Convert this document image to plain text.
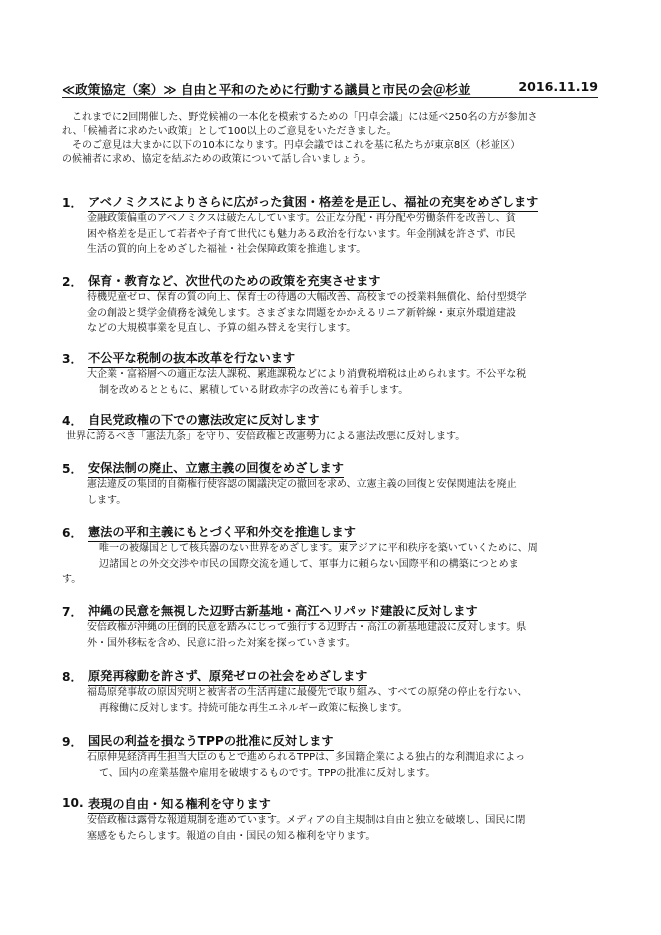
≪政策協定（案）≫ 自由と平和のために行動する議員と市民の会＠杉並	2016.11.19

これまでに2回開催した、野党候補の一本化を模索するための「円卓会議」には延べ250名の方が参加さ

れ、「候補者に求めたい政策」として100以上のご意見をいただきました。

そのご意見は大まかに以下の10本になります。円卓会議ではこれを基に私たちが東京8区（杉並区）

の候補者に求め、協定を結ぶための政策について話し合いましょう。

1． アベノミクスによりさらに広がった貧困・格差を是正し、福祉の充実をめざします
金融政策偏重のアベノミクスは破たんしています。公正な分配・再分配や労働条件を改善し、貧
困や格差を是正して若者や子育て世代にも魅力ある政治を行ないます。年金削減を許さず、市民
生活の質的向上をめざした福祉・社会保障政策を推進します。
2． 保育・教育など、次世代のための政策を充実させます
待機児童ゼロ、保育の質の向上、保育士の待遇の大幅改善、高校までの授業料無償化、給付型奨学
金の創設と奨学金債務を減免します。さまざまな問題をかかえるリニア新幹線・東京外環道建設
などの大規模事業を見直し、予算の組み替えを実行します。
3． 不公平な税制の抜本改革を行ないます
大企業・富裕層への適正な法人課税、累進課税などにより消費税増税は止められます。不公平な税
制を改めるとともに、累積している財政赤字の改善にも着手します。
4． 自民党政権の下での憲法改定に反対します
世界に誇るべき「憲法九条」を守り、安倍政権と改憲勢力による憲法改悪に反対します。
5． 安保法制の廃止、立憲主義の回復をめざします
憲法違反の集団的自衛権行使容認の閣議決定の撤回を求め、立憲主義の回復と安保関連法を廃止
します。
6． 憲法の平和主義にもとづく平和外交を推進します
唯一の被爆国として核兵器のない世界をめざします。東アジアに平和秩序を築いていくために、周
辺諸国との外交交渉や市民の国際交流を通して、軍事力に頼らない国際平和の構築につとめま
す。
7． 沖縄の民意を無視した辺野古新基地・高江ヘリパッド建設に反対します
安倍政権が沖縄の圧倒的民意を踏みにじって強行する辺野古・高江の新基地建設に反対します。県
外・国外移転を含め、民意に沿った対案を探っていきます。
8． 原発再稼動を許さず、原発ゼロの社会をめざします
福島原発事故の原因究明と被害者の生活再建に最優先で取り組み、すべての原発の停止を行ない、
再稼働に反対します。持続可能な再生エネルギー政策に転換します。
9． 国民の利益を損なうTPPの批准に反対します
石原伸晃経済再生担当大臣のもとで進められるTPPは、多国籍企業による独占的な利潤追求によっ
て、国内の産業基盤や雇用を破壊するものです。TPPの批准に反対します。
10. 表現の自由・知る権利を守ります
安倍政権は露骨な報道規制を進めています。メディアの自主規制は自由と独立を破壊し、国民に閉
塞感をもたらします。報道の自由・国民の知る権利を守ります。
